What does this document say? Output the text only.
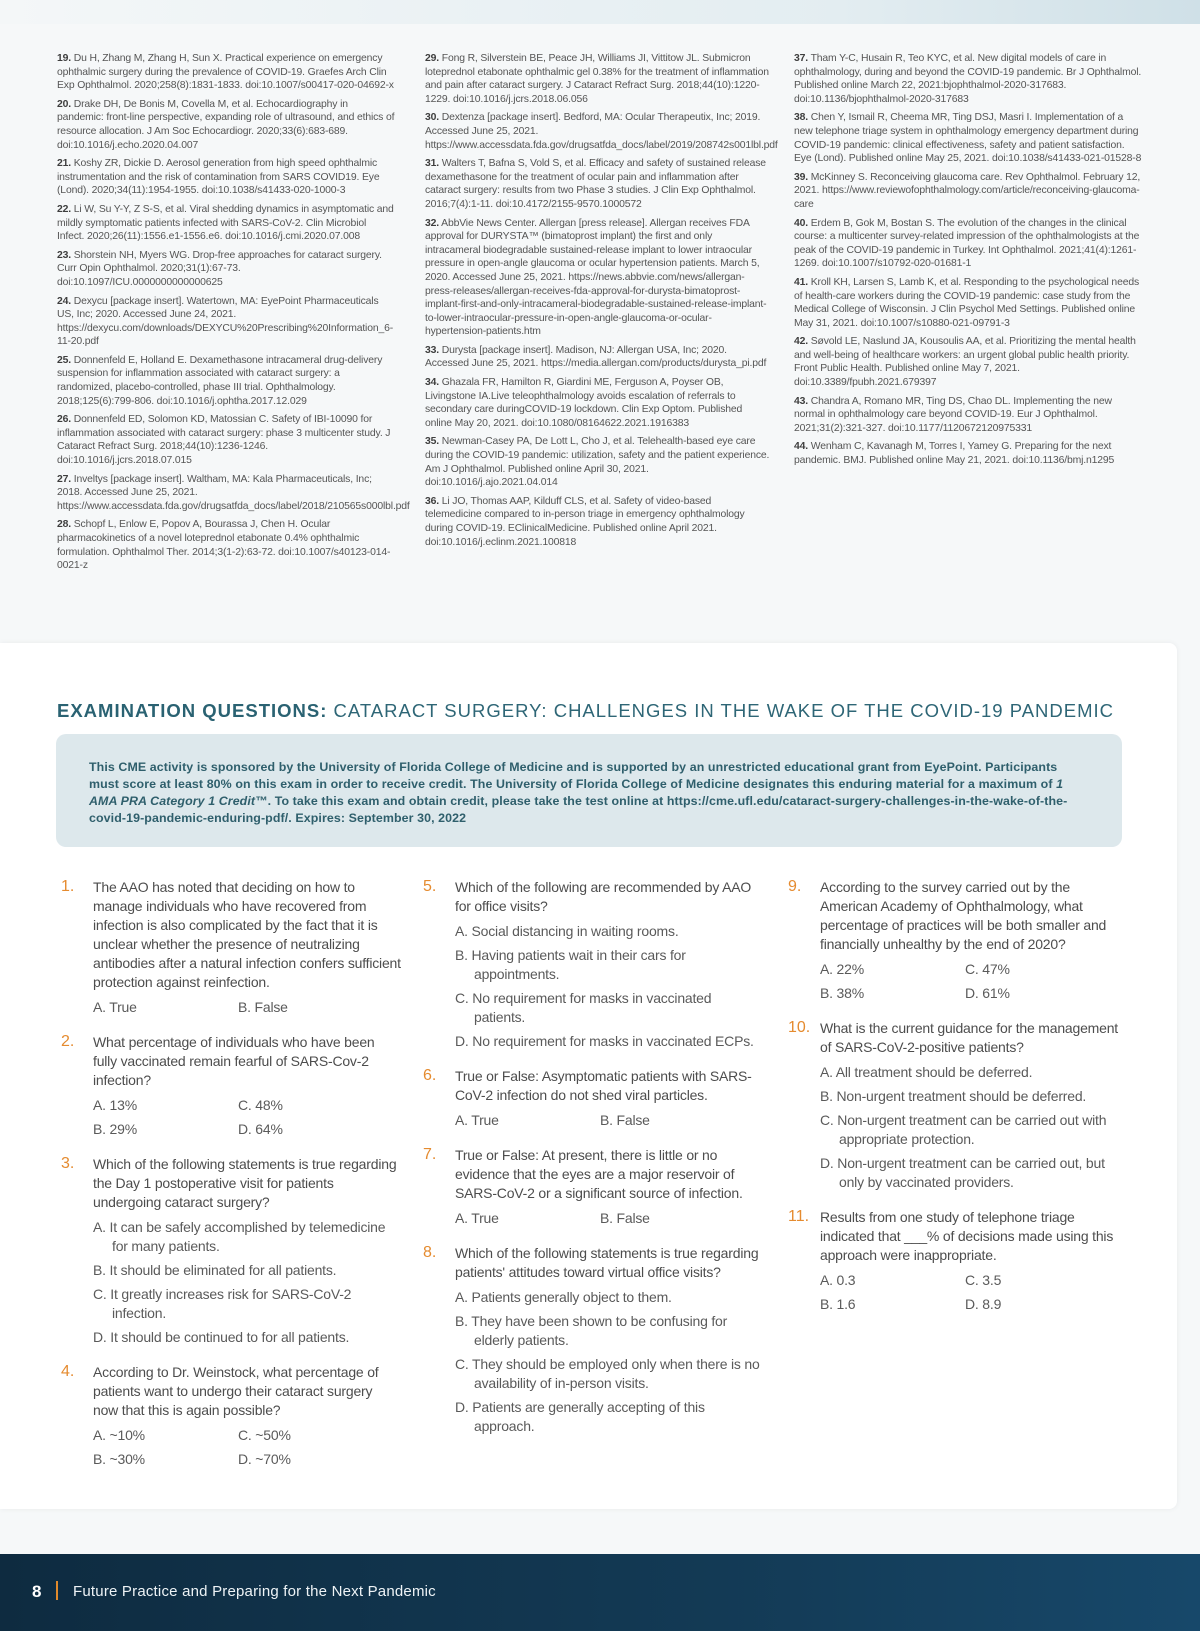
19. Du H, Zhang M, Zhang H, Sun X. Practical experience on emergency ophthalmic surgery during the prevalence of COVID-19. Graefes Arch Clin Exp Ophthalmol. 2020;258(8):1831-1833. doi:10.1007/s00417-020-04692-x
20. Drake DH, De Bonis M, Covella M, et al. Echocardiography in pandemic: front-line perspective, expanding role of ultrasound, and ethics of resource allocation. J Am Soc Echocardiogr. 2020;33(6):683-689. doi:10.1016/j.echo.2020.04.007
21. Koshy ZR, Dickie D. Aerosol generation from high speed ophthalmic instrumentation and the risk of contamination from SARS COVID19. Eye (Lond). 2020;34(11):1954-1955. doi:10.1038/s41433-020-1000-3
22. Li W, Su Y-Y, Z S-S, et al. Viral shedding dynamics in asymptomatic and mildly symptomatic patients infected with SARS-CoV-2. Clin Microbiol Infect. 2020;26(11):1556.e1-1556.e6. doi:10.1016/j.cmi.2020.07.008
23. Shorstein NH, Myers WG. Drop-free approaches for cataract surgery. Curr Opin Ophthalmol. 2020;31(1):67-73. doi:10.1097/ICU.0000000000000625
24. Dexycu [package insert]. Watertown, MA: EyePoint Pharmaceuticals US, Inc; 2020. Accessed June 24, 2021. https://dexycu.com/downloads/DEXYCU%20Prescribing%20Information_6-11-20.pdf
25. Donnenfeld E, Holland E. Dexamethasone intracameral drug-delivery suspension for inflammation associated with cataract surgery: a randomized, placebo-controlled, phase III trial. Ophthalmology. 2018;125(6):799-806. doi:10.1016/j.ophtha.2017.12.029
26. Donnenfeld ED, Solomon KD, Matossian C. Safety of IBI-10090 for inflammation associated with cataract surgery: phase 3 multicenter study. J Cataract Refract Surg. 2018;44(10):1236-1246. doi:10.1016/j.jcrs.2018.07.015
27. Inveltys [package insert]. Waltham, MA: Kala Pharmaceuticals, Inc; 2018. Accessed June 25, 2021. https://www.accessdata.fda.gov/drugsatfda_docs/label/2018/210565s000lbl.pdf
28. Schopf L, Enlow E, Popov A, Bourassa J, Chen H. Ocular pharmacokinetics of a novel loteprednol etabonate 0.4% ophthalmic formulation. Ophthalmol Ther. 2014;3(1-2):63-72. doi:10.1007/s40123-014-0021-z
29. Fong R, Silverstein BE, Peace JH, Williams JI, Vittitow JL. Submicron loteprednol etabonate ophthalmic gel 0.38% for the treatment of inflammation and pain after cataract surgery. J Cataract Refract Surg. 2018;44(10):1220-1229. doi:10.1016/j.jcrs.2018.06.056
30. Dextenza [package insert]. Bedford, MA: Ocular Therapeutix, Inc; 2019. Accessed June 25, 2021. https://www.accessdata.fda.gov/drugsatfda_docs/label/2019/208742s001lbl.pdf
31. Walters T, Bafna S, Vold S, et al. Efficacy and safety of sustained release dexamethasone for the treatment of ocular pain and inflammation after cataract surgery: results from two Phase 3 studies. J Clin Exp Ophthalmol. 2016;7(4):1-11. doi:10.4172/2155-9570.1000572
32. AbbVie News Center. Allergan [press release]. Allergan receives FDA approval for DURYSTA™ (bimatoprost implant) the first and only intracameral biodegradable sustained-release implant to lower intraocular pressure in open-angle glaucoma or ocular hypertension patients. March 5, 2020. Accessed June 25, 2021. https://news.abbvie.com/news/allergan-press-releases/allergan-receives-fda-approval-for-durysta-bimatoprost-implant-first-and-only-intracameral-biodegradable-sustained-release-implant-to-lower-intraocular-pressure-in-open-angle-glaucoma-or-ocular-hypertension-patients.htm
33. Durysta [package insert]. Madison, NJ: Allergan USA, Inc; 2020. Accessed June 25, 2021. https://media.allergan.com/products/durysta_pi.pdf
34. Ghazala FR, Hamilton R, Giardini ME, Ferguson A, Poyser OB, Livingstone IA.Live teleophthalmology avoids escalation of referrals to secondary care duringCOVID-19 lockdown. Clin Exp Optom. Published online May 20, 2021. doi:10.1080/08164622.2021.1916383
35. Newman-Casey PA, De Lott L, Cho J, et al. Telehealth-based eye care during the COVID-19 pandemic: utilization, safety and the patient experience. Am J Ophthalmol. Published online April 30, 2021. doi:10.1016/j.ajo.2021.04.014
36. Li JO, Thomas AAP, Kilduff CLS, et al. Safety of video-based telemedicine compared to in-person triage in emergency ophthalmology during COVID-19. EClinicalMedicine. Published online April 2021. doi:10.1016/j.eclinm.2021.100818
37. Tham Y-C, Husain R, Teo KYC, et al. New digital models of care in ophthalmology, during and beyond the COVID-19 pandemic. Br J Ophthalmol. Published online March 22, 2021:bjophthalmol-2020-317683. doi:10.1136/bjophthalmol-2020-317683
38. Chen Y, Ismail R, Cheema MR, Ting DSJ, Masri I. Implementation of a new telephone triage system in ophthalmology emergency department during COVID-19 pandemic: clinical effectiveness, safety and patient satisfaction. Eye (Lond). Published online May 25, 2021. doi:10.1038/s41433-021-01528-8
39. McKinney S. Reconceiving glaucoma care. Rev Ophthalmol. February 12, 2021. https://www.reviewofophthalmology.com/article/reconceiving-glaucoma-care
40. Erdem B, Gok M, Bostan S. The evolution of the changes in the clinical course: a multicenter survey-related impression of the ophthalmologists at the peak of the COVID-19 pandemic in Turkey. Int Ophthalmol. 2021;41(4):1261-1269. doi:10.1007/s10792-020-01681-1
41. Kroll KH, Larsen S, Lamb K, et al. Responding to the psychological needs of health-care workers during the COVID-19 pandemic: case study from the Medical College of Wisconsin. J Clin Psychol Med Settings. Published online May 31, 2021. doi:10.1007/s10880-021-09791-3
42. Søvold LE, Naslund JA, Kousoulis AA, et al. Prioritizing the mental health and well-being of healthcare workers: an urgent global public health priority. Front Public Health. Published online May 7, 2021. doi:10.3389/fpubh.2021.679397
43. Chandra A, Romano MR, Ting DS, Chao DL. Implementing the new normal in ophthalmology care beyond COVID-19. Eur J Ophthalmol. 2021;31(2):321-327. doi:10.1177/1120672120975331
44. Wenham C, Kavanagh M, Torres I, Yamey G. Preparing for the next pandemic. BMJ. Published online May 21, 2021. doi:10.1136/bmj.n1295
EXAMINATION QUESTIONS: CATARACT SURGERY: CHALLENGES IN THE WAKE OF THE COVID-19 PANDEMIC
This CME activity is sponsored by the University of Florida College of Medicine and is supported by an unrestricted educational grant from EyePoint. Participants must score at least 80% on this exam in order to receive credit. The University of Florida College of Medicine designates this enduring material for a maximum of 1 AMA PRA Category 1 Credit™. To take this exam and obtain credit, please take the test online at https://cme.ufl.edu/cataract-surgery-challenges-in-the-wake-of-the-covid-19-pandemic-enduring-pdf/. Expires: September 30, 2022
1. The AAO has noted that deciding on how to manage individuals who have recovered from infection is also complicated by the fact that it is unclear whether the presence of neutralizing antibodies after a natural infection confers sufficient protection against reinfection.
A. True	B. False
2. What percentage of individuals who have been fully vaccinated remain fearful of SARS-Cov-2 infection?
A. 13%	C. 48%
B. 29%	D. 64%
3. Which of the following statements is true regarding the Day 1 postoperative visit for patients undergoing cataract surgery?
A. It can be safely accomplished by telemedicine for many patients.
B. It should be eliminated for all patients.
C. It greatly increases risk for SARS-CoV-2 infection.
D. It should be continued to for all patients.
4. According to Dr. Weinstock, what percentage of patients want to undergo their cataract surgery now that this is again possible?
A. ~10%	C. ~50%
B. ~30%	D. ~70%
5. Which of the following are recommended by AAO for office visits?
A. Social distancing in waiting rooms.
B. Having patients wait in their cars for appointments.
C. No requirement for masks in vaccinated patients.
D. No requirement for masks in vaccinated ECPs.
6. True or False: Asymptomatic patients with SARS-CoV-2 infection do not shed viral particles.
A. True	B. False
7. True or False: At present, there is little or no evidence that the eyes are a major reservoir of SARS-CoV-2 or a significant source of infection.
A. True	B. False
8. Which of the following statements is true regarding patients' attitudes toward virtual office visits?
A. Patients generally object to them.
B. They have been shown to be confusing for elderly patients.
C. They should be employed only when there is no availability of in-person visits.
D. Patients are generally accepting of this approach.
9. According to the survey carried out by the American Academy of Ophthalmology, what percentage of practices will be both smaller and financially unhealthy by the end of 2020?
A. 22%	C. 47%
B. 38%	D. 61%
10. What is the current guidance for the management of SARS-CoV-2-positive patients?
A. All treatment should be deferred.
B. Non-urgent treatment should be deferred.
C. Non-urgent treatment can be carried out with appropriate protection.
D. Non-urgent treatment can be carried out, but only by vaccinated providers.
11. Results from one study of telephone triage indicated that ___% of decisions made using this approach were inappropriate.
A. 0.3	C. 3.5
B. 1.6	D. 8.9
8 Future Practice and Preparing for the Next Pandemic
